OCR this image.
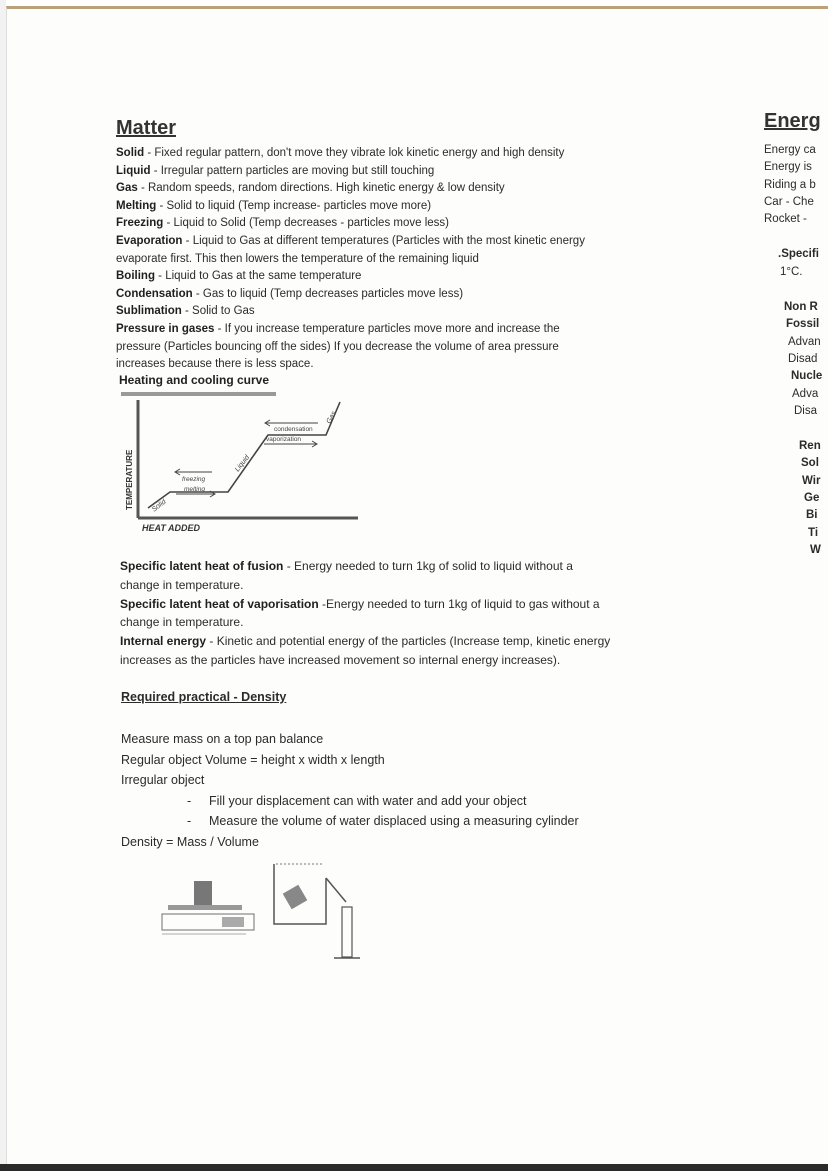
Matter
Solid - Fixed regular pattern, don't move they vibrate lok kinetic energy and high density
Liquid - Irregular pattern particles are moving but still touching
Gas - Random speeds, random directions. High kinetic energy & low density
Melting - Solid to liquid (Temp increase- particles move more)
Freezing - Liquid to Solid (Temp decreases - particles move less)
Evaporation - Liquid to Gas at different temperatures (Particles with the most kinetic energy
evaporate first. This then lowers the temperature of the remaining liquid
Boiling - Liquid to Gas at the same temperature
Condensation - Gas to liquid (Temp decreases particles move less)
Sublimation - Solid to Gas
Pressure in gases - If you increase temperature particles move more and increase the
pressure (Particles bouncing off the sides) If you decrease the volume of area pressure
increases because there is less space.
Heating and cooling curve
TEMPERATURE
HEAT ADDED
Solid
Liquid
Gas
freezing
melting
condensation
vaporization
Specific latent heat of fusion - Energy needed to turn 1kg of solid to liquid without a
change in temperature.
Specific latent heat of vaporisation -Energy needed to turn 1kg of liquid to gas without a
change in temperature.
Internal energy - Kinetic and potential energy of the particles (Increase temp, kinetic energy
increases as the particles have increased movement so internal energy increases).
Required practical - Density
Measure mass on a top pan balance
Regular object Volume = height x width x length
Irregular object
- Fill your displacement can with water and add your object
- Measure the volume of water displaced using a measuring cylinder
Density = Mass / Volume
Energ
Energy ca
Energy is
Riding a b
Car - Che
Rocket -
.Specifi
1°C.
Non R
Fossil
Advan
Disad
Nucle
Adva
Disa
Ren
Sol
Wir
Ge
Bi
Ti
W
